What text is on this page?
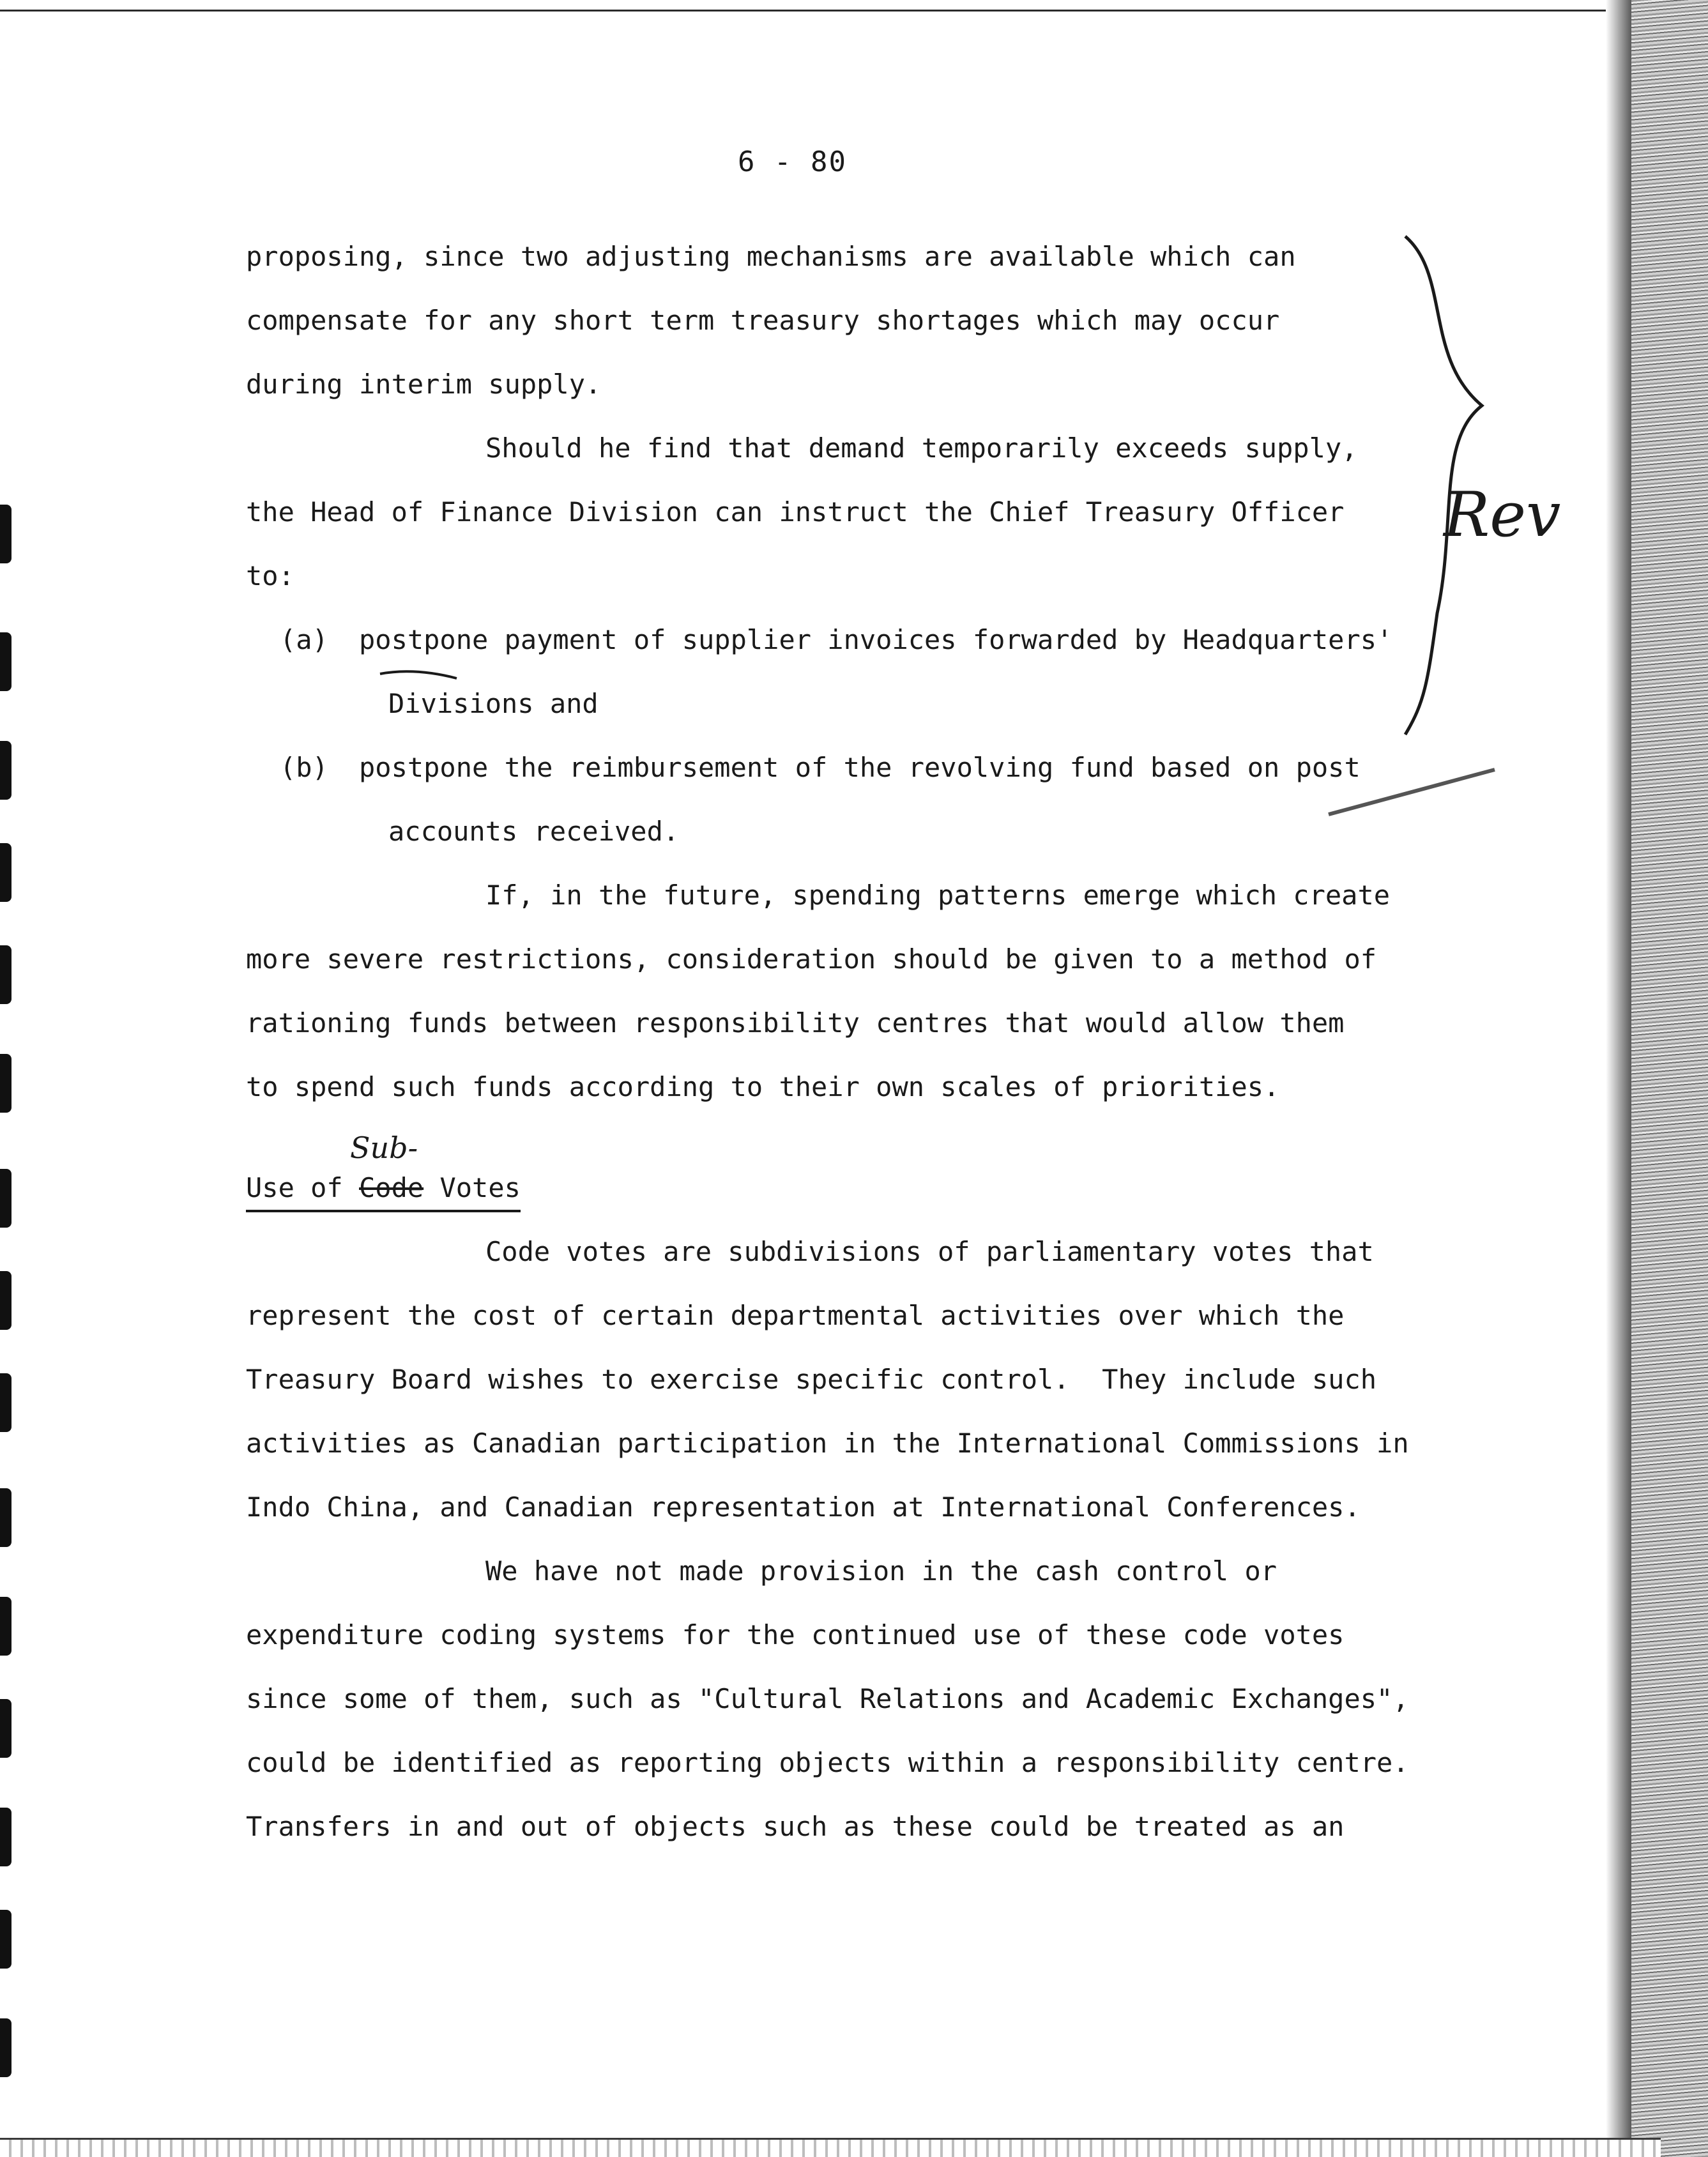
6 - 80
proposing, since two adjusting mechanisms are available which can
compensate for any short term treasury shortages which may occur
during interim supply.
Should he find that demand temporarily exceeds supply,
the Head of Finance Division can instruct the Chief Treasury Officer
to:
(a) postpone payment of supplier invoices forwarded by Headquarters'
Divisions and
(b) postpone the reimbursement of the revolving fund based on post
accounts received.
If, in the future, spending patterns emerge which create
more severe restrictions, consideration should be given to a method of
rationing funds between responsibility centres that would allow them
to spend such funds according to their own scales of priorities.
Use of Code Votes
Sub-
Code votes are subdivisions of parliamentary votes that
represent the cost of certain departmental activities over which the
Treasury Board wishes to exercise specific control.  They include such
activities as Canadian participation in the International Commissions in
Indo China, and Canadian representation at International Conferences.
We have not made provision in the cash control or
expenditure coding systems for the continued use of these code votes
since some of them, such as "Cultural Relations and Academic Exchanges",
could be identified as reporting objects within a responsibility centre.
Transfers in and out of objects such as these could be treated as an
Rev
